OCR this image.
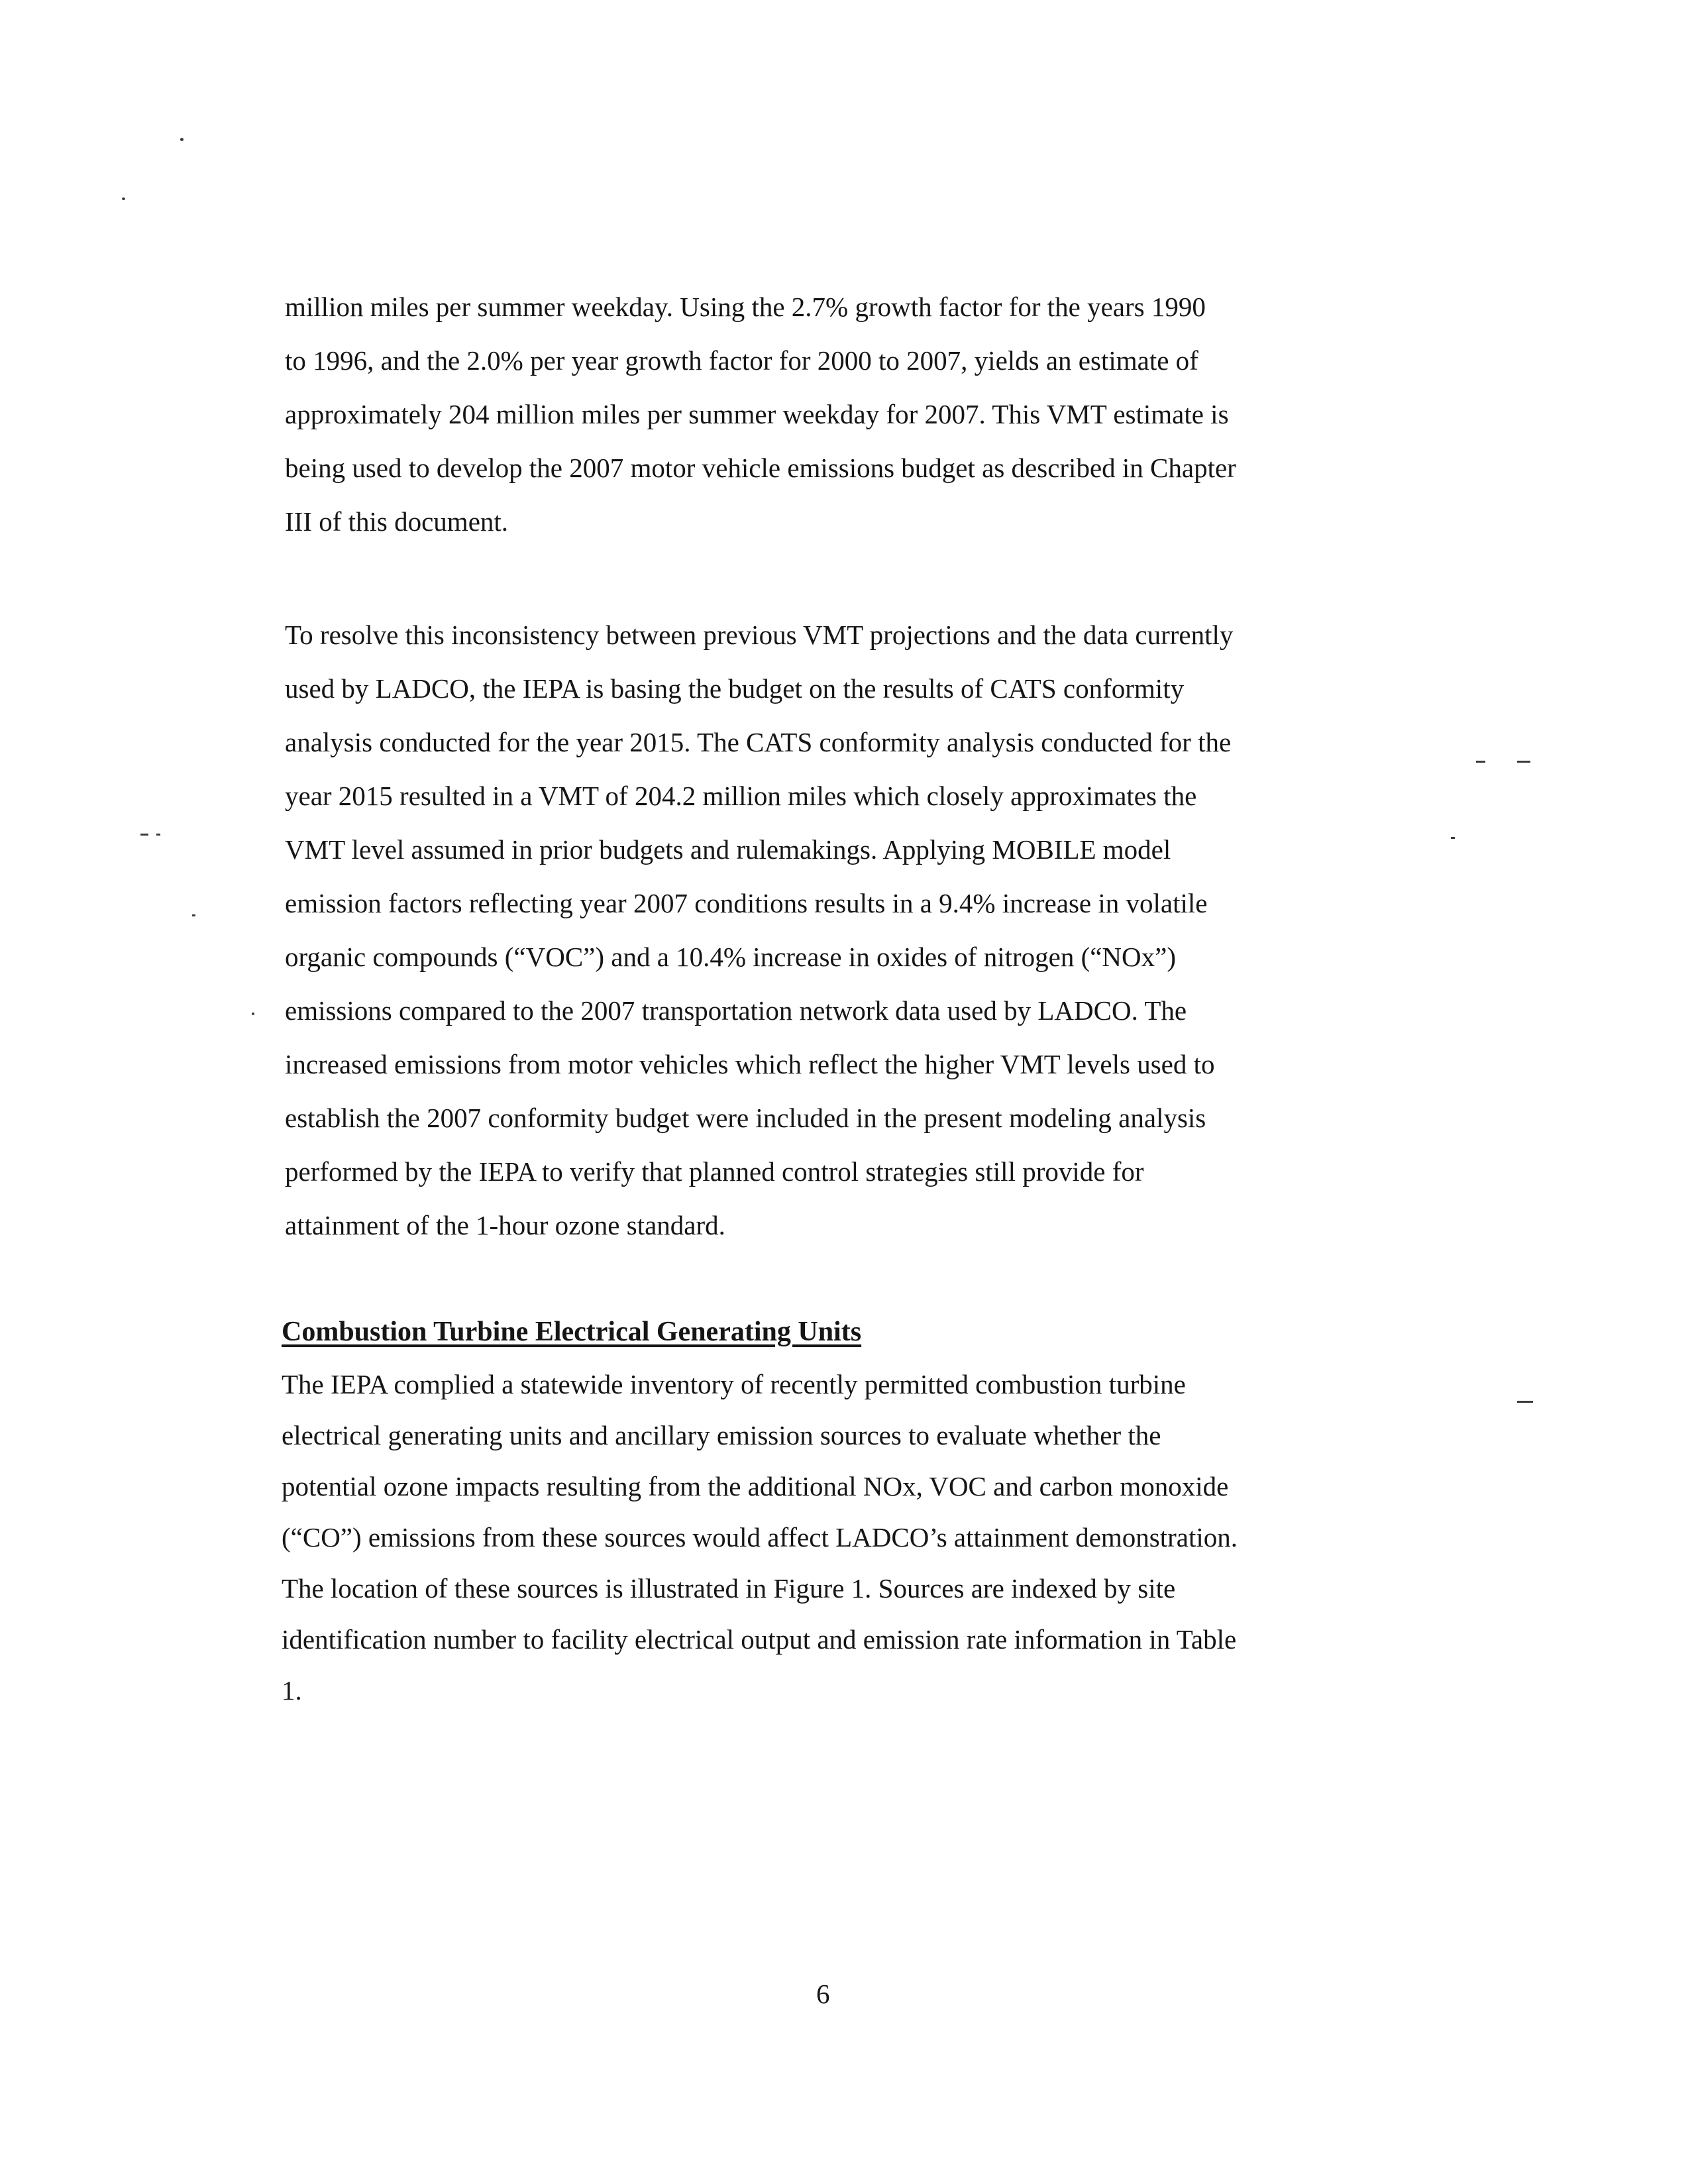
million miles per summer weekday. Using the 2.7% growth factor for the years 1990
to 1996, and the 2.0% per year growth factor for 2000 to 2007, yields an estimate of
approximately 204 million miles per summer weekday for 2007. This VMT estimate is
being used to develop the 2007 motor vehicle emissions budget as described in Chapter
III of this document.
To resolve this inconsistency between previous VMT projections and the data currently
used by LADCO, the IEPA is basing the budget on the results of CATS conformity
analysis conducted for the year 2015. The CATS conformity analysis conducted for the
year 2015 resulted in a VMT of 204.2 million miles which closely approximates the
VMT level assumed in prior budgets and rulemakings. Applying MOBILE model
emission factors reflecting year 2007 conditions results in a 9.4% increase in volatile
organic compounds (“VOC”) and a 10.4% increase in oxides of nitrogen (“NOx”)
emissions compared to the 2007 transportation network data used by LADCO. The
increased emissions from motor vehicles which reflect the higher VMT levels used to
establish the 2007 conformity budget were included in the present modeling analysis
performed by the IEPA to verify that planned control strategies still provide for
attainment of the 1-hour ozone standard.
Combustion Turbine Electrical Generating Units
The IEPA complied a statewide inventory of recently permitted combustion turbine
electrical generating units and ancillary emission sources to evaluate whether the
potential ozone impacts resulting from the additional NOx, VOC and carbon monoxide
(“CO”) emissions from these sources would affect LADCO’s attainment demonstration.
The location of these sources is illustrated in Figure 1. Sources are indexed by site
identification number to facility electrical output and emission rate information in Table
1.
6
